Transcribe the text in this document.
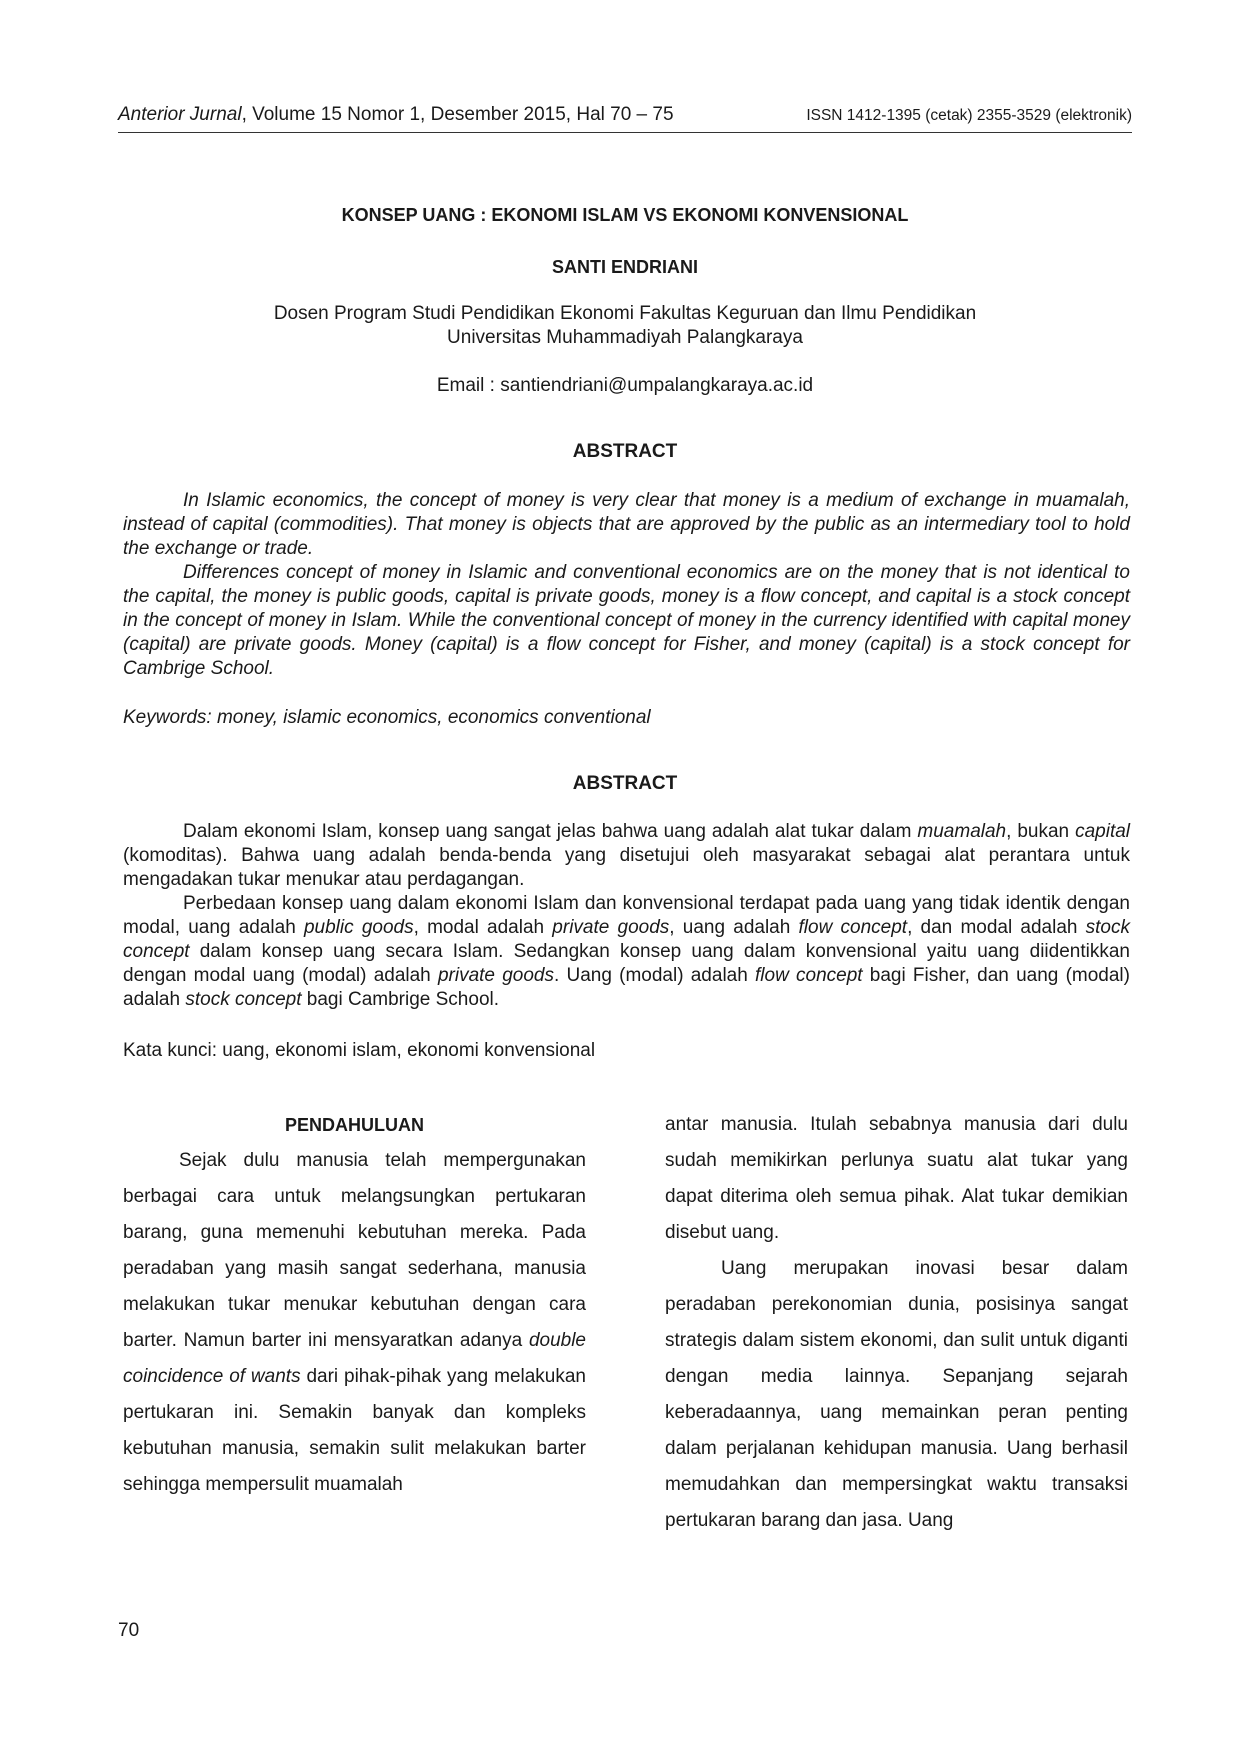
Anterior Jurnal, Volume 15 Nomor 1, Desember 2015, Hal 70 – 75	ISSN 1412-1395 (cetak) 2355-3529 (elektronik)
KONSEP UANG : EKONOMI ISLAM VS EKONOMI KONVENSIONAL
SANTI ENDRIANI
Dosen Program Studi Pendidikan Ekonomi Fakultas Keguruan dan Ilmu Pendidikan
Universitas Muhammadiyah Palangkaraya
Email : santiendriani@umpalangkaraya.ac.id
ABSTRACT

In Islamic economics, the concept of money is very clear that money is a medium of exchange in muamalah, instead of capital (commodities). That money is objects that are approved by the public as an intermediary tool to hold the exchange or trade.

Differences concept of money in Islamic and conventional economics are on the money that is not identical to the capital, the money is public goods, capital is private goods, money is a flow concept, and capital is a stock concept in the concept of money in Islam. While the conventional concept of money in the currency identified with capital money (capital) are private goods. Money (capital) is a flow concept for Fisher, and money (capital) is a stock concept for Cambrige School.

Keywords: money, islamic economics, economics conventional
ABSTRACT

Dalam ekonomi Islam, konsep uang sangat jelas bahwa uang adalah alat tukar dalam muamalah, bukan capital (komoditas). Bahwa uang adalah benda-benda yang disetujui oleh masyarakat sebagai alat perantara untuk mengadakan tukar menukar atau perdagangan.

Perbedaan konsep uang dalam ekonomi Islam dan konvensional terdapat pada uang yang tidak identik dengan modal, uang adalah public goods, modal adalah private goods, uang adalah flow concept, dan modal adalah stock concept dalam konsep uang secara Islam. Sedangkan konsep uang dalam konvensional yaitu uang diidentikkan dengan modal uang (modal) adalah private goods. Uang (modal) adalah flow concept bagi Fisher, dan uang (modal) adalah stock concept bagi Cambrige School.

Kata kunci: uang, ekonomi islam, ekonomi konvensional
PENDAHULUAN

Sejak dulu manusia telah mempergunakan berbagai cara untuk melangsungkan pertukaran barang, guna memenuhi kebutuhan mereka. Pada peradaban yang masih sangat sederhana, manusia melakukan tukar menukar kebutuhan dengan cara barter. Namun barter ini mensyaratkan adanya double coincidence of wants dari pihak-pihak yang melakukan pertukaran ini. Semakin banyak dan kompleks kebutuhan manusia, semakin sulit melakukan barter sehingga mempersulit muamalah

antar manusia. Itulah sebabnya manusia dari dulu sudah memikirkan perlunya suatu alat tukar yang dapat diterima oleh semua pihak. Alat tukar demikian disebut uang.

Uang merupakan inovasi besar dalam peradaban perekonomian dunia, posisinya sangat strategis dalam sistem ekonomi, dan sulit untuk diganti dengan media lainnya. Sepanjang sejarah keberadaannya, uang memainkan peran penting dalam perjalanan kehidupan manusia. Uang berhasil memudahkan dan mempersingkat waktu transaksi pertukaran barang dan jasa. Uang

70
